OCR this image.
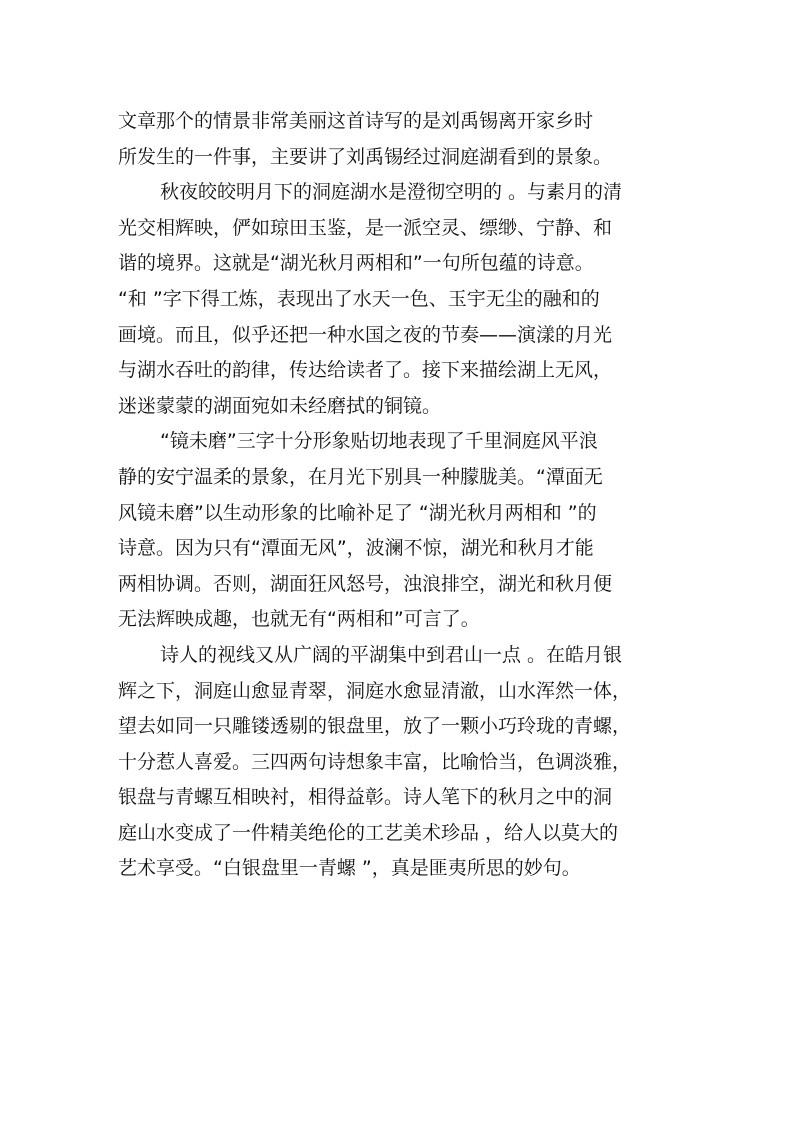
文章那个的情景非常美丽这首诗写的是刘禹锡离开家乡时
所发生的一件事，主要讲了刘禹锡经过洞庭湖看到的景象。
秋夜皎皎明月下的洞庭湖水是澄彻空明的 。与素月的清
光交相辉映，俨如琼田玉鉴，是一派空灵、缥缈、宁静、和
谐的境界。这就是“湖光秋月两相和”一句所包蕴的诗意。
“和 ”字下得工炼，表现出了水天一色、玉宇无尘的融和的
画境。而且，似乎还把一种水国之夜的节奏——演漾的月光
与湖水吞吐的韵律，传达给读者了。接下来描绘湖上无风，
迷迷蒙蒙的湖面宛如未经磨拭的铜镜。
“镜未磨”三字十分形象贴切地表现了千里洞庭风平浪
静的安宁温柔的景象，在月光下别具一种朦胧美。“潭面无
风镜未磨”以生动形象的比喻补足了 “湖光秋月两相和 ”的
诗意。因为只有“潭面无风”，波澜不惊，湖光和秋月才能
两相协调。否则，湖面狂风怒号，浊浪排空，湖光和秋月便
无法辉映成趣，也就无有“两相和”可言了。
诗人的视线又从广阔的平湖集中到君山一点 。在皓月银
辉之下，洞庭山愈显青翠，洞庭水愈显清澈，山水浑然一体，
望去如同一只雕镂透剔的银盘里，放了一颗小巧玲珑的青螺，
十分惹人喜爱。三四两句诗想象丰富，比喻恰当，色调淡雅，
银盘与青螺互相映衬，相得益彰。诗人笔下的秋月之中的洞
庭山水变成了一件精美绝伦的工艺美术珍品 ，给人以莫大的
艺术享受。“白银盘里一青螺 ”，真是匪夷所思的妙句。
